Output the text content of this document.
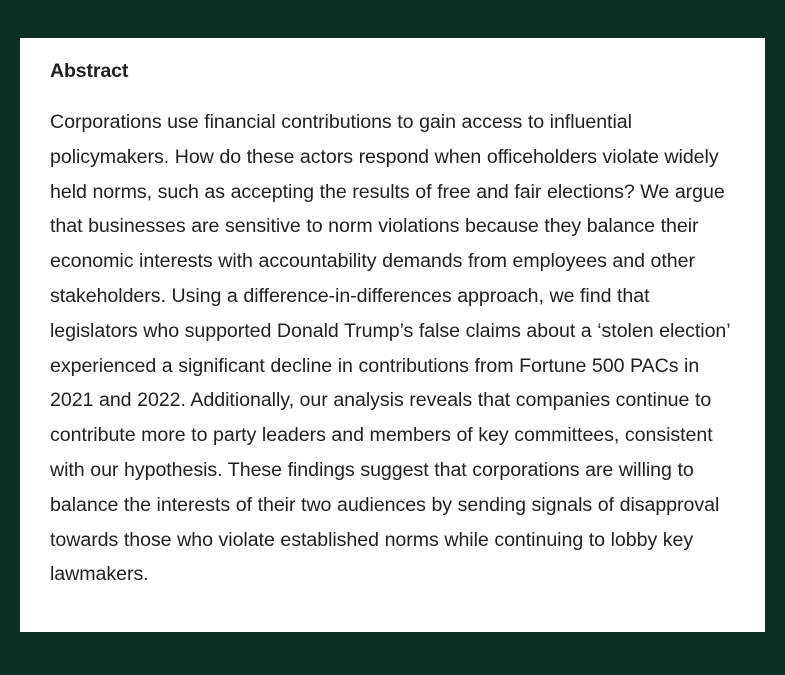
Abstract

Corporations use financial contributions to gain access to influential policymakers. How do these actors respond when officeholders violate widely held norms, such as accepting the results of free and fair elections? We argue that businesses are sensitive to norm violations because they balance their economic interests with accountability demands from employees and other stakeholders. Using a difference-in-differences approach, we find that legislators who supported Donald Trump’s false claims about a ‘stolen election’ experienced a significant decline in contributions from Fortune 500 PACs in 2021 and 2022. Additionally, our analysis reveals that companies continue to contribute more to party leaders and members of key committees, consistent with our hypothesis. These findings suggest that corporations are willing to balance the interests of their two audiences by sending signals of disapproval towards those who violate established norms while continuing to lobby key lawmakers.
